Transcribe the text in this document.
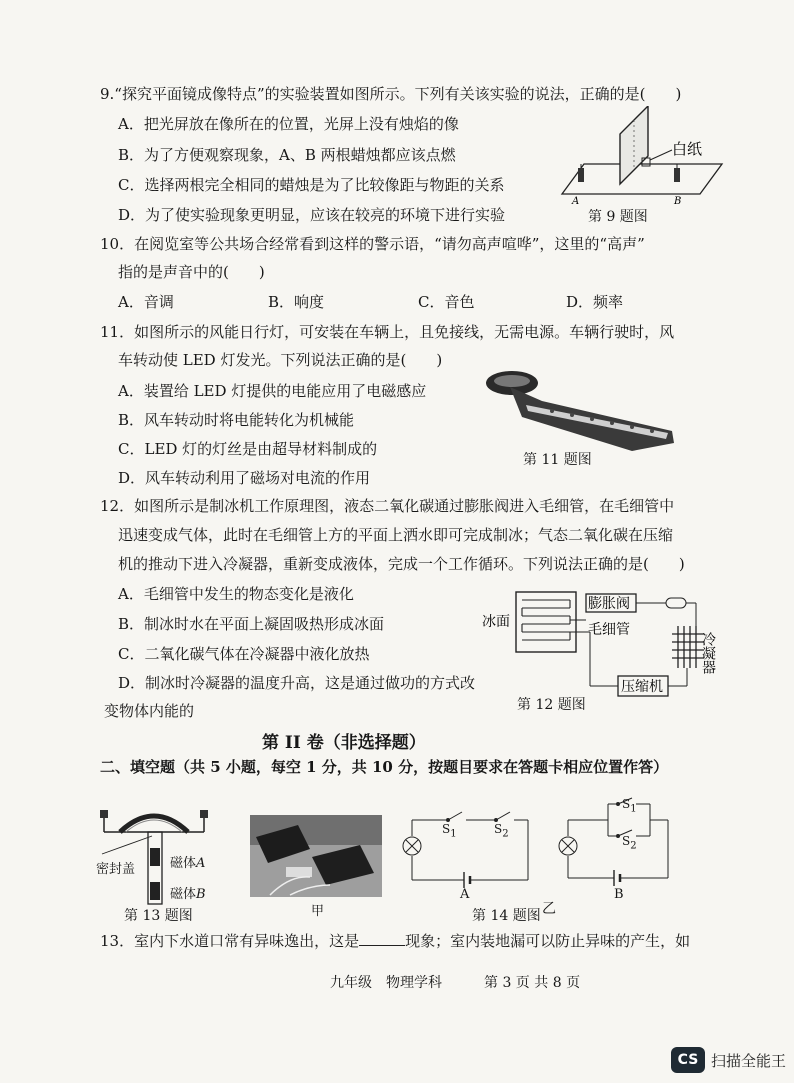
9.“探究平面镜成像特点”的实验装置如图所示。下列有关该实验的说法，正确的是(　　)
A．把光屏放在像所在的位置，光屏上没有烛焰的像
B．为了方便观察现象，A、B 两根蜡烛都应该点燃
C．选择两根完全相同的蜡烛是为了比较像距与物距的关系
D．为了使实验现象更明显，应该在较亮的环境下进行实验
白纸
A	B
第 9 题图
10．在阅览室等公共场合经常看到这样的警示语，“请勿高声喧哗”，这里的“高声”
指的是声音中的(　　)
A．音调	B．响度	C．音色	D．频率
11．如图所示的风能日行灯，可安装在车辆上，且免接线，无需电源。车辆行驶时，风
车转动使 LED 灯发光。下列说法正确的是(　　)
A．装置给 LED 灯提供的电能应用了电磁感应
B．风车转动时将电能转化为机械能
C．LED 灯的灯丝是由超导材料制成的
D．风车转动利用了磁场对电流的作用
第 11 题图
12．如图所示是制冰机工作原理图，液态二氧化碳通过膨胀阀进入毛细管，在毛细管中
迅速变成气体，此时在毛细管上方的平面上洒水即可完成制冰；气态二氧化碳在压缩
机的推动下进入冷凝器，重新变成液体，完成一个工作循环。下列说法正确的是(　　)
A．毛细管中发生的物态变化是液化
B．制冰时水在平面上凝固吸热形成冰面
C．二氧化碳气体在冷凝器中液化放热
D．制冰时冷凝器的温度升高，这是通过做功的方式改
变物体内能的
膨胀阀
毛细管
冷凝器
压缩机
冰面
第 12 题图
第 II 卷（非选择题）
二、填空题（共 5 小题，每空 1 分，共 10 分，按题目要求在答题卡相应位置作答）
密封盖	磁体A
磁体B
第 13 题图	甲
$S_1$	$S_2$
A
$S_1$
$S_2$
B
乙
第 14 题图
13．室内下水道口常有异味逸出，这是	现象；室内装地漏可以防止异味的产生，如
九年级　物理学科　　　第 3 页 共 8 页
CS 扫描全能王
